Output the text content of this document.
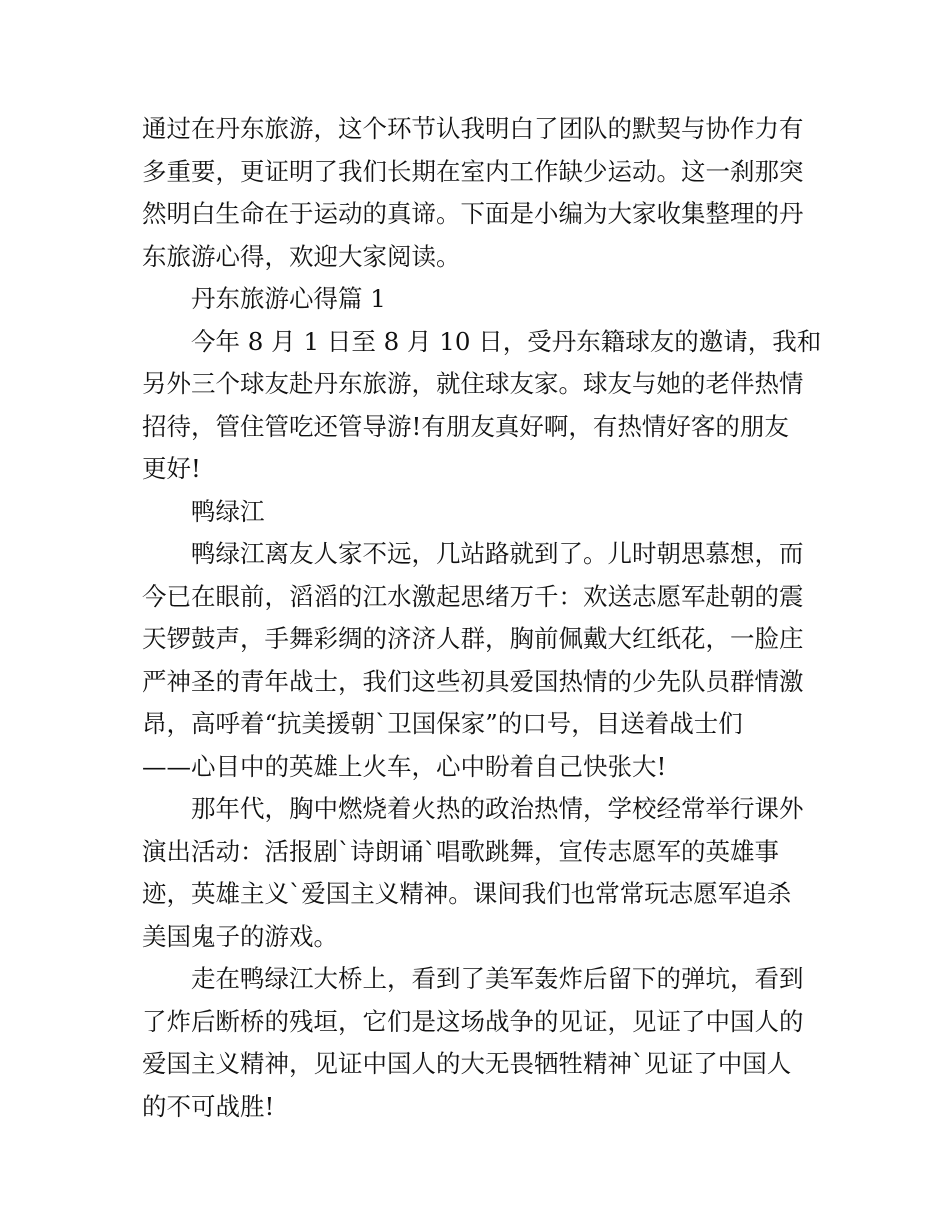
通过在丹东旅游，这个环节认我明白了团队的默契与协作力有
多重要，更证明了我们长期在室内工作缺少运动。这一刹那突
然明白生命在于运动的真谛。下面是小编为大家收集整理的丹
东旅游心得，欢迎大家阅读。
丹东旅游心得篇 1
今年 8 月 1 日至 8 月 10 日，受丹东籍球友的邀请，我和
另外三个球友赴丹东旅游，就住球友家。球友与她的老伴热情
招待，管住管吃还管导游!有朋友真好啊，有热情好客的朋友
更好!
鸭绿江
鸭绿江离友人家不远，几站路就到了。儿时朝思慕想，而
今已在眼前，滔滔的江水激起思绪万千：欢送志愿军赴朝的震
天锣鼓声，手舞彩绸的济济人群，胸前佩戴大红纸花，一脸庄
严神圣的青年战士，我们这些初具爱国热情的少先队员群情激
昂，高呼着“抗美援朝`卫国保家”的口号，目送着战士们
——心目中的英雄上火车，心中盼着自己快张大!
那年代，胸中燃烧着火热的政治热情，学校经常举行课外
演出活动：活报剧`诗朗诵`唱歌跳舞，宣传志愿军的英雄事
迹，英雄主义`爱国主义精神。课间我们也常常玩志愿军追杀
美国鬼子的游戏。
走在鸭绿江大桥上，看到了美军轰炸后留下的弹坑，看到
了炸后断桥的残垣，它们是这场战争的见证，见证了中国人的
爱国主义精神，见证中国人的大无畏牺牲精神`见证了中国人
的不可战胜!
